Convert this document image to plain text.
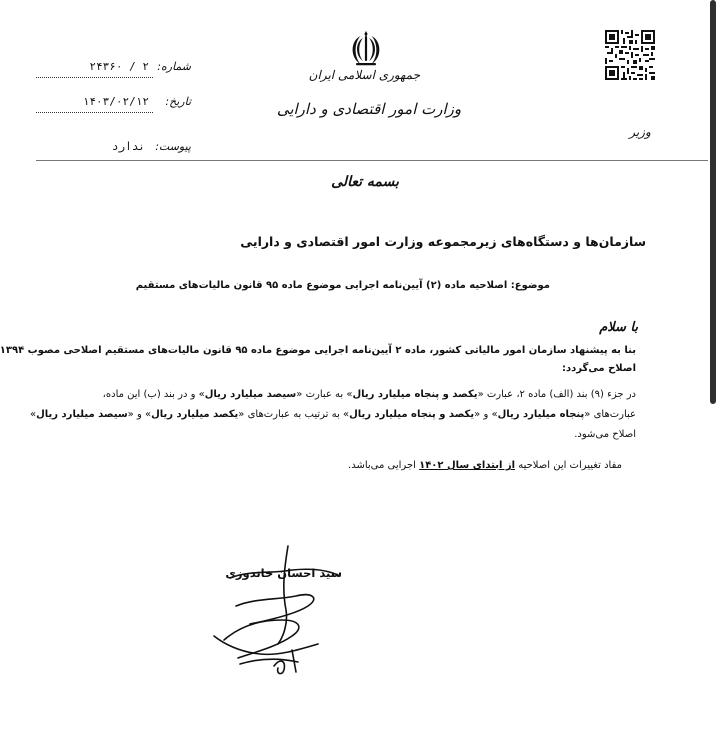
شماره:
۲ / ۲۴۳۶۰
تاریخ:
۱۴۰۳/۰۲/۱۲
پیوست:
ندارد
جمهوری اسلامی ایران
وزارت امور اقتصادی و دارایی
وزیر
بسمه تعالی
سازمان‌ها و دستگاه‌های زیرمجموعه وزارت امور اقتصادی و دارایی
موضوع: اصلاحیه ماده (۲) آیین‌نامه اجرایی موضوع ماده ۹۵ قانون مالیات‌های مستقیم
با سلام
بنا به پیشنهاد سازمان امور مالیاتی کشور، ماده ۲ آیین‌نامه اجرایی موضوع ماده ۹۵ قانون مالیات‌های مستقیم اصلاحی مصوب ۱۳۹۴
اصلاح می‌گردد:
در جزء (۹) بند (الف) ماده ۲، عبارت «یکصد و پنجاه میلیارد ریال» به عبارت «سیصد میلیارد ریال» و در بند (ب) این ماده،
عبارت‌های «پنجاه میلیارد ریال» و «یکصد و پنجاه میلیارد ریال» به ترتیب به عبارت‌های «یکصد میلیارد ریال» و «سیصد میلیارد ریال»
اصلاح می‌شود.
مفاد تغییرات این اصلاحیه از ابتدای سال ۱۴۰۲ اجرایی می‌باشد.
سید احسان خاندوزی
